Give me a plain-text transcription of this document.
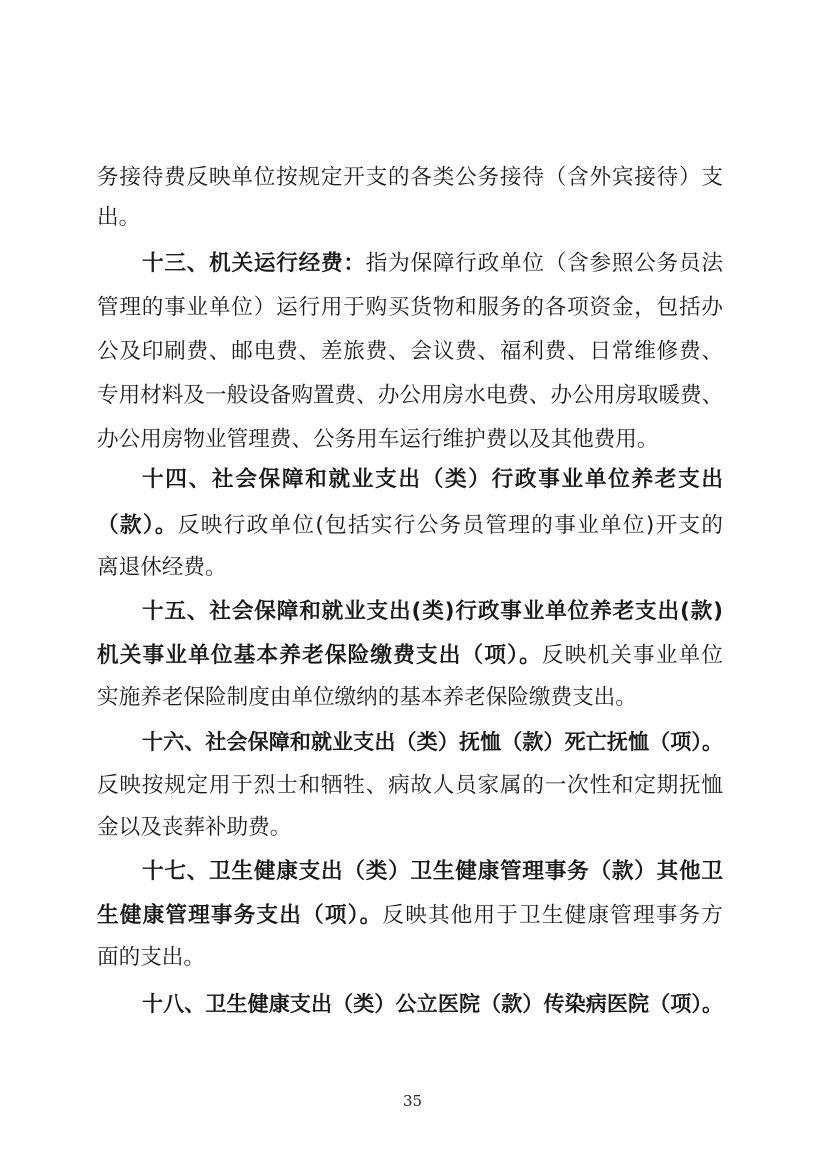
务接待费反映单位按规定开支的各类公务接待（含外宾接待）支
出。
十三、机关运行经费：指为保障行政单位（含参照公务员法
管理的事业单位）运行用于购买货物和服务的各项资金，包括办
公及印刷费、邮电费、差旅费、会议费、福利费、日常维修费、
专用材料及一般设备购置费、办公用房水电费、办公用房取暖费、
办公用房物业管理费、公务用车运行维护费以及其他费用。
十四、社会保障和就业支出（类）行政事业单位养老支出
（款）。反映行政单位(包括实行公务员管理的事业单位)开支的
离退休经费。
十五、社会保障和就业支出(类)行政事业单位养老支出(款)
机关事业单位基本养老保险缴费支出（项）。反映机关事业单位
实施养老保险制度由单位缴纳的基本养老保险缴费支出。
十六、社会保障和就业支出（类）抚恤（款）死亡抚恤（项）。
反映按规定用于烈士和牺牲、病故人员家属的一次性和定期抚恤
金以及丧葬补助费。
十七、卫生健康支出（类）卫生健康管理事务（款）其他卫
生健康管理事务支出（项）。反映其他用于卫生健康管理事务方
面的支出。
十八、卫生健康支出（类）公立医院（款）传染病医院（项）。
35
